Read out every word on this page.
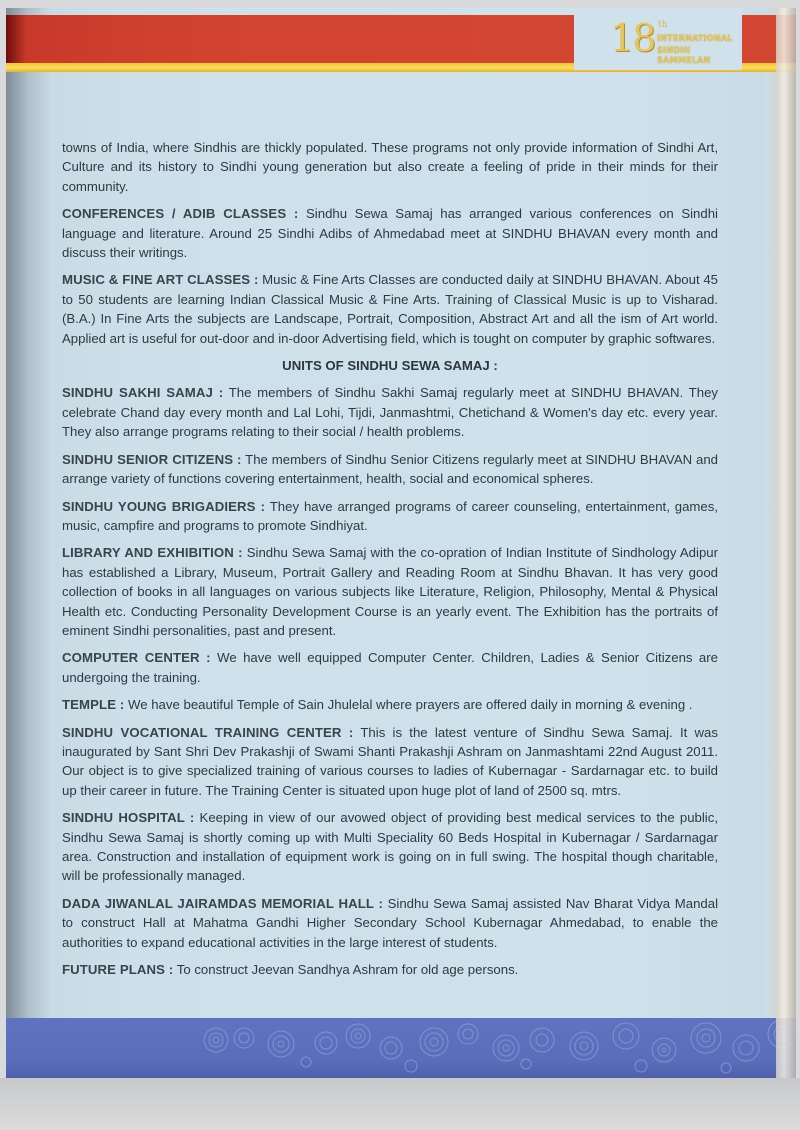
18 th
INTERNATIONAL
SINDHI SAMMELAN

towns of India, where Sindhis are thickly populated. These programs not only provide information of Sindhi Art, Culture and its history to Sindhi young generation but also create a feeling of pride in their minds for their community.

CONFERENCES / ADIB CLASSES : Sindhu Sewa Samaj has arranged various conferences on Sindhi language and literature. Around 25 Sindhi Adibs of Ahmedabad meet at SINDHU BHAVAN every month and discuss their writings.

MUSIC & FINE ART CLASSES : Music & Fine Arts Classes are conducted daily at SINDHU BHAVAN. About 45 to 50 students are learning Indian Classical Music & Fine Arts. Training of Classical Music is up to Visharad. (B.A.) In Fine Arts the subjects are Landscape, Portrait, Composition, Abstract Art and all the ism of Art world. Applied art is useful for out-door and in-door Advertising field, which is tought on computer by graphic softwares.

UNITS OF SINDHU SEWA SAMAJ :

SINDHU SAKHI SAMAJ : The members of Sindhu Sakhi Samaj regularly meet at SINDHU BHAVAN. They celebrate Chand day every month and Lal Lohi, Tijdi, Janmashtmi, Chetichand & Women's day etc. every year. They also arrange programs relating to their social / health problems.

SINDHU SENIOR CITIZENS : The members of Sindhu Senior Citizens regularly meet at SINDHU BHAVAN and arrange variety of functions covering entertainment, health, social and economical spheres.

SINDHU YOUNG BRIGADIERS : They have arranged programs of career counseling, entertainment, games, music, campfire and programs to promote Sindhiyat.

LIBRARY AND EXHIBITION : Sindhu Sewa Samaj with the co-opration of Indian Institute of Sindhology Adipur has established a Library, Museum, Portrait Gallery and Reading Room at Sindhu Bhavan. It has very good collection of books in all languages on various subjects like Literature, Religion, Philosophy, Mental & Physical Health etc. Conducting Personality Development Course is an yearly event. The Exhibition has the portraits of eminent Sindhi personalities, past and present.

COMPUTER CENTER : We have well equipped Computer Center. Children, Ladies & Senior Citizens are undergoing the training.

TEMPLE : We have beautiful Temple of Sain Jhulelal where prayers are offered daily in morning & evening .

SINDHU VOCATIONAL TRAINING CENTER : This is the latest venture of Sindhu Sewa Samaj. It was inaugurated by Sant Shri Dev Prakashji of Swami Shanti Prakashji Ashram on Janmashtami 22nd August 2011. Our object is to give specialized training of various courses to ladies of Kubernagar - Sardarnagar etc. to build up their career in future. The Training Center is situated upon huge plot of land of 2500 sq. mtrs.

SINDHU HOSPITAL : Keeping in view of our avowed object of providing best medical services to the public, Sindhu Sewa Samaj is shortly coming up with Multi Speciality 60 Beds Hospital in Kubernagar / Sardarnagar area. Construction and installation of equipment work is going on in full swing. The hospital though charitable, will be professionally managed.

DADA JIWANLAL JAIRAMDAS MEMORIAL HALL : Sindhu Sewa Samaj assisted Nav Bharat Vidya Mandal to construct Hall at Mahatma Gandhi Higher Secondary School Kubernagar Ahmedabad, to enable the authorities to expand educational activities in the large interest of students.

FUTURE PLANS : To construct Jeevan Sandhya Ashram for old age persons.
